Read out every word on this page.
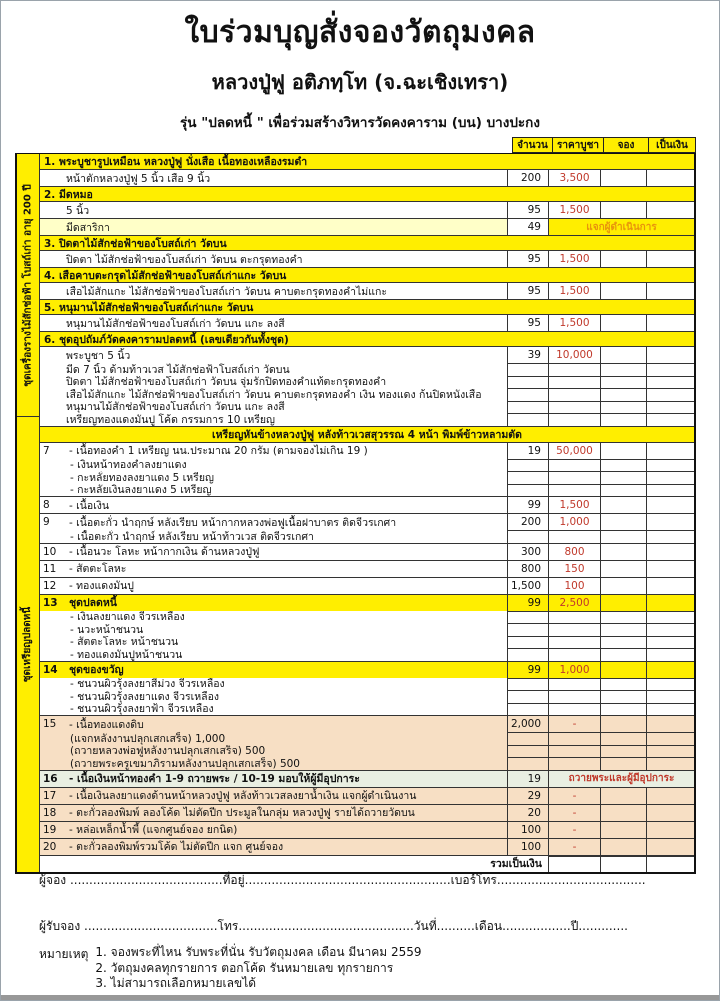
ใบร่วมบุญสั่งจองวัตถุมงคล
หลวงปู่ฟู อติภทฺโท (จ.ฉะเชิงเทรา)
รุ่น "ปลดหนี้ " เพื่อร่วมสร้างวิหารวัดคงคาราม (บน) บางปะกง
จำนวน ราคาบูชา	จอง	เป็นเงิน
ชุดเครื่องรางไม้สักช่อฟ้า โบสถ์เก่า อายุ 200 ปี
ชุดเหรียญปลดหนี้
1. พระบูชารูปเหมือน หลวงปู่ฟู นั่งเสือ เนื้อทองเหลืองรมดำ
หน้าตักหลวงปู่ฟู 5 นิ้ว เสือ 9 นิ้ว	200	3,500
2. มีดหมอ
5 นิ้ว	95	1,500
มีดสาริกา	49	แจกผู้ดำเนินการ
3. ปิดตาไม้สักช่อฟ้าของโบสถ์เก่า วัดบน
ปิดตา ไม้สักช่อฟ้าของโบสถ์เก่า วัดบน ตะกรุดทองคำ	95	1,500
4. เสือคาบตะกรุดไม้สักช่อฟ้าของโบสถ์เก่าแกะ วัดบน
เสือไม้สักแกะ ไม้สักช่อฟ้าของโบสถ์เก่า วัดบน คาบตะกรุดทองคำไม่แกะ	95	1,500
5. หนุมานไม้สักช่อฟ้าของโบสถ์เก่าแกะ วัดบน
หนุมานไม้สักช่อฟ้าของโบสถ์เก่า วัดบน แกะ ลงสี	95	1,500
6. ชุดอุปถัมภ์วัดคงคารามปลดหนี้ (เลขเดียวกันทั้งชุด)
พระบูชา 5 นิ้ว	39	10,000
มีด 7 นิ้ว ด้ามท้าวเวส ไม้สักช่อฟ้าโบสถ์เก่า วัดบน
ปิดตา ไม้สักช่อฟ้าของโบสถ์เก่า วัดบน จุ่มรักปิดทองคำแท้ตะกรุดทองคำ
เสือไม้สักแกะ ไม้สักช่อฟ้าของโบสถ์เก่า วัดบน คาบตะกรุดทองคำ เงิน ทองแดง ก้นปิดหนังเสือ
หนุมานไม้สักช่อฟ้าของโบสถ์เก่า วัดบน แกะ ลงสี
เหรียญทองแดงมันปู โค้ด กรรมการ 10 เหรียญ
เหรียญหันข้างหลวงปู่ฟู หลังท้าวเวสสุวรรณ 4 หน้า พิมพ์ข้าวหลามตัด
7	- เนื้อทองคำ 1 เหรียญ นน.ประมาณ 20 กรัม (ตามจองไม่เกิน 19 )	19	50,000
- เงินหน้าทองคำลงยาแดง
- กะหลั่ยทองลงยาแดง 5 เหรียญ
- กะหลั่ยเงินลงยาแดง 5 เหรียญ
8	- เนื้อเงิน	99	1,500
9	- เนื้อตะกั่ว นำฤกษ์ หลังเรียบ หน้ากากหลวงพ่อฟูเนื้อฝาบาตร ติดจีวรเกศา	200	1,000
- เนื้อตะกั่ว นำฤกษ์ หลังเรียบ หน้าท้าวเวส ติดจีวรเกศา
10	- เนื้อนวะ โลหะ หน้ากากเงิน ด้านหลวงปู่ฟู	300	800
11	- สัตตะโลหะ	800	150
12	- ทองแดงมันปู	1,500	100
13	ชุดปลดหนี้	99	2,500
- เงินลงยาแดง จีวรเหลือง
- นวะหน้าชนวน
- สัตตะโลหะ หน้าชนวน
- ทองแดงมันปูหน้าชนวน
14	ชุดของขวัญ	99	1,000
- ชนวนผิวรุ้งลงยาสีม่วง จีวรเหลือง
- ชนวนผิวรุ้งลงยาแดง จีวรเหลือง
- ชนวนผิวรุ้งลงยาฟ้า จีวรเหลือง
15	- เนื้อทองแดงดิบ	2,000	-
(แจกหลังงานปลุกเสกเสร็จ) 1,000
(ถวายหลวงพ่อฟูหลังงานปลุกเสกเสร็จ) 500
(ถวายพระครูเขมาภิรามหลังงานปลุกเสกเสร็จ) 500
16	- เนื้อเงินหน้าทองคำ 1-9 ถวายพระ / 10-19 มอบให้ผู้มีอุปการะ	19	ถวายพระและผู้มีอุปการะ
17	- เนื้อเงินลงยาแดงด้านหน้าหลวงปู่ฟู หลังท้าวเวสลงยาน้ำเงิน แจกผู้ดำเนินงาน	29	-
18	- ตะกั่วลองพิมพ์ ลองโค้ด ไม่ตัดปีก ประมูลในกลุ่ม หลวงปู่ฟู รายได้ถวายวัดบน	20	-
19	- หล่อเหล็กน้ำพี้ (แจกศูนย์จอง ยกนิด)	100	-
20	- ตะกั่วลองพิมพ์รวมโค้ด ไม่ตัดปีก แจก ศูนย์จอง	100	-
รวมเป็นเงิน
ผู้จอง ........................................ที่อยู่......................................................เบอร์โทร.......................................
ผู้รับจอง ...................................โทร..............................................วันที่..........เดือน..................ปี.............
หมายเหตุ 1. จองพระที่ไหน รับพระที่นั่น รับวัตถุมงคล เดือน มีนาคม 2559
2. วัตถุมงคลทุกรายการ ตอกโค้ด รันหมายเลข ทุกรายการ
3. ไม่สามารถเลือกหมายเลขได้
